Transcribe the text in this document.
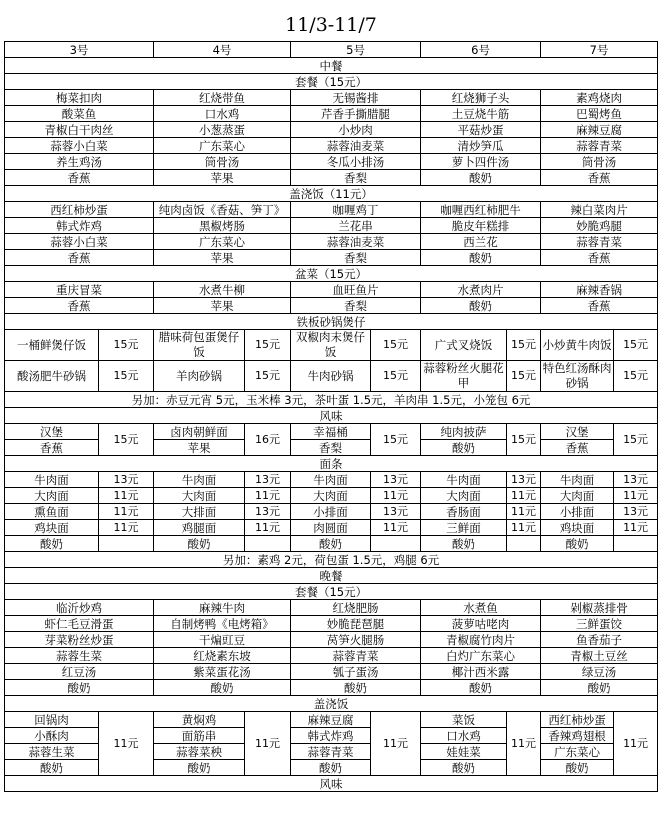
11/3-11/7
3号		4号		5号		6号		7号	
中餐									
套餐（15元）									
梅菜扣肉		红烧带鱼		无锡酱排		红烧狮子头		素鸡烧肉	
酸菜鱼		口水鸡		芹香手撕腊腿		土豆烧牛筋		巴蜀烤鱼	
青椒白干肉丝		小葱蒸蛋		小炒肉		平菇炒蛋		麻辣豆腐	
蒜蓉小白菜		广东菜心		蒜蓉油麦菜		清炒笋瓜		蒜蓉青菜	
养生鸡汤		筒骨汤		冬瓜小排汤		萝卜四件汤		筒骨汤	
香蕉		苹果		香梨		酸奶		香蕉	
盖浇饭（11元）									
西红柿炒蛋		纯肉卤饭《香菇、笋丁》		咖喱鸡丁		咖喱西红柿肥牛		辣白菜肉片	
韩式炸鸡		黑椒烤肠		兰花串		脆皮年糕排		妙脆鸡腿	
蒜蓉小白菜		广东菜心		蒜蓉油麦菜		西兰花		蒜蓉青菜	
香蕉		苹果		香梨		酸奶		香蕉	
盆菜（15元）									
重庆冒菜		水煮牛柳		血旺鱼片		水煮肉片		麻辣香锅	
香蕉		苹果		香梨		酸奶		香蕉	
铁板砂锅煲仔									
一桶鲜煲仔饭	15元	腊味荷包蛋煲仔饭	15元	双椒肉末煲仔饭	15元	广式叉烧饭	15元	小炒黄牛肉饭	15元
酸汤肥牛砂锅	15元	羊肉砂锅	15元	牛肉砂锅	15元	蒜蓉粉丝火腿花甲	15元	特色红汤酥肉砂锅	15元
另加：赤豆元宵 5元，玉米棒 3元，茶叶蛋 1.5元，羊肉串 1.5元，小笼包 6元									
风味									
汉堡	15元	卤肉朝鲜面	16元	幸福桶	15元	纯肉披萨	15元	汉堡	15元
香蕉		苹果		香梨		酸奶		香蕉	
面条									
牛肉面	13元	牛肉面	13元	牛肉面	13元	牛肉面	13元	牛肉面	13元
大肉面	11元	大肉面	11元	大肉面	11元	大肉面	11元	大肉面	11元
熏鱼面	11元	大排面	13元	小排面	13元	香肠面	11元	小排面	13元
鸡块面	11元	鸡腿面	11元	肉圆面	11元	三鲜面	11元	鸡块面	11元
酸奶		酸奶		酸奶		酸奶		酸奶	
另加：素鸡 2元，荷包蛋 1.5元，鸡腿 6元									
晚餐									
套餐（15元）									
临沂炒鸡		麻辣牛肉		红烧肥肠		水煮鱼		剁椒蒸排骨	
虾仁毛豆滑蛋		自制烤鸭《电烤箱》		妙脆琵琶腿		菠萝咕咾肉		三鲜蛋饺	
芽菜粉丝炒蛋		干煸豇豆		莴笋火腿肠		青椒腐竹肉片		鱼香茄子	
蒜蓉生菜		红烧素东坡		蒜蓉青菜		白灼广东菜心		青椒土豆丝	
红豆汤		紫菜蛋花汤		瓠子蛋汤		椰汁西米露		绿豆汤	
酸奶		酸奶		酸奶		酸奶		酸奶	
盖浇饭									
回锅肉	11元	黄焖鸡	11元	麻辣豆腐	11元	菜饭	11元	西红柿炒蛋	11元
小酥肉		面筋串		韩式炸鸡		口水鸡		香辣鸡翅根	
蒜蓉生菜		蒜蓉菜秧		蒜蓉青菜		娃娃菜		广东菜心	
酸奶		酸奶		酸奶		酸奶		酸奶	
风味									
